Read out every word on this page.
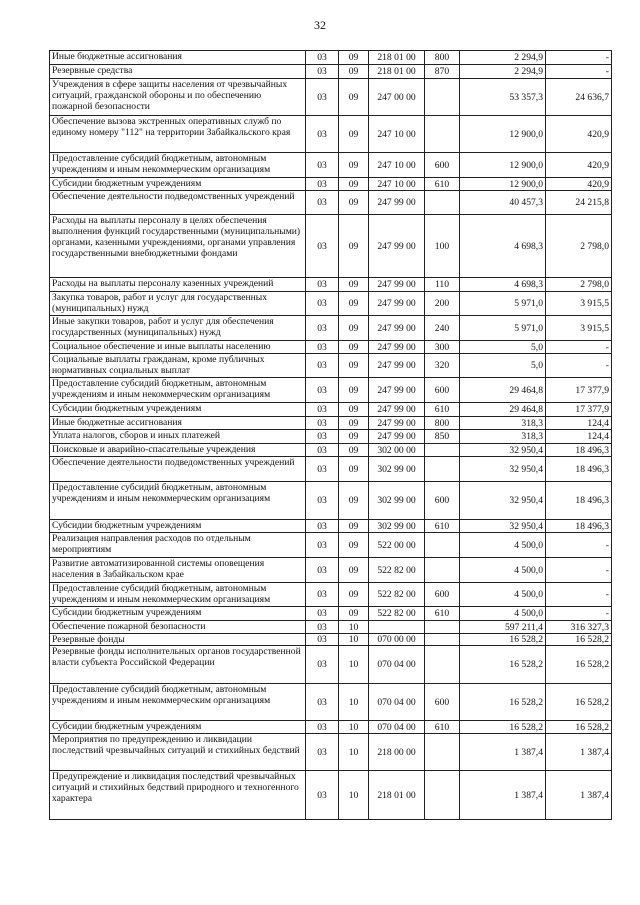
32
Иные бюджетные ассигнования	03	09	218 01 00	800	2 294,9	-
Резервные средства	03	09	218 01 00	870	2 294,9	-
Учреждения в сфере защиты населения от чрезвычайных ситуаций, гражданской обороны и по обеспечению пожарной безопасности	03	09	247 00 00		53 357,3	24 636,7
Обеспечение вызова экстренных оперативных служб по единому номеру "112" на территории Забайкальского края	03	09	247 10 00		12 900,0	420,9
Предоставление субсидий бюджетным, автономным учреждениям и иным некоммерческим организациям	03	09	247 10 00	600	12 900,0	420,9
Субсидии бюджетным учреждениям	03	09	247 10 00	610	12 900,0	420,9
Обеспечение деятельности подведомственных учреждений	03	09	247 99 00		40 457,3	24 215,8
Расходы на выплаты персоналу в целях обеспечения выполнения функций государственными (муниципальными) органами, казенными учреждениями, органами управления государственными внебюджетными фондами	03	09	247 99 00	100	4 698,3	2 798,0
Расходы на выплаты персоналу казенных учреждений	03	09	247 99 00	110	4 698,3	2 798,0
Закупка товаров, работ и услуг для государственных (муниципальных) нужд	03	09	247 99 00	200	5 971,0	3 915,5
Иные закупки товаров, работ и услуг для обеспечения государственных (муниципальных) нужд	03	09	247 99 00	240	5 971,0	3 915,5
Социальное обеспечение и иные выплаты населению	03	09	247 99 00	300	5,0	-
Социальные выплаты гражданам, кроме публичных нормативных социальных выплат	03	09	247 99 00	320	5,0	-
Предоставление субсидий бюджетным, автономным учреждениям и иным некоммерческим организациям	03	09	247 99 00	600	29 464,8	17 377,9
Субсидии бюджетным учреждениям	03	09	247 99 00	610	29 464,8	17 377,9
Иные бюджетные ассигнования	03	09	247 99 00	800	318,3	124,4
Уплата налогов, сборов и иных платежей	03	09	247 99 00	850	318,3	124,4
Поисковые и аварийно-спасательные учреждения	03	09	302 00 00		32 950,4	18 496,3
Обеспечение деятельности подведомственных учреждений	03	09	302 99 00		32 950,4	18 496,3
Предоставление субсидий бюджетным, автономным учреждениям и иным некоммерческим организациям	03	09	302 99 00	600	32 950,4	18 496,3
Субсидии бюджетным учреждениям	03	09	302 99 00	610	32 950,4	18 496,3
Реализация направления расходов по отдельным мероприятиям	03	09	522 00 00		4 500,0	-
Развитие автоматизированной системы оповещения населения в Забайкальском крае	03	09	522 82 00		4 500,0	-
Предоставление субсидий бюджетным, автономным учреждениям и иным некоммерческим организациям	03	09	522 82 00	600	4 500,0	-
Субсидии бюджетным учреждениям	03	09	522 82 00	610	4 500,0	-
Обеспечение пожарной безопасности	03	10			597 211,4	316 327,3
Резервные фонды	03	10	070 00 00		16 528,2	16 528,2
Резервные фонды исполнительных органов государственной власти субъекта Российской Федерации	03	10	070 04 00		16 528,2	16 528,2
Предоставление субсидий бюджетным, автономным учреждениям и иным некоммерческим организациям	03	10	070 04 00	600	16 528,2	16 528,2
Субсидии бюджетным учреждениям	03	10	070 04 00	610	16 528,2	16 528,2
Мероприятия по предупреждению и ликвидации последствий чрезвычайных ситуаций и стихийных бедствий	03	10	218 00 00		1 387,4	1 387,4
Предупреждение и ликвидация последствий чрезвычайных ситуаций и стихийных бедствий природного и техногенного характера	03	10	218 01 00		1 387,4	1 387,4
